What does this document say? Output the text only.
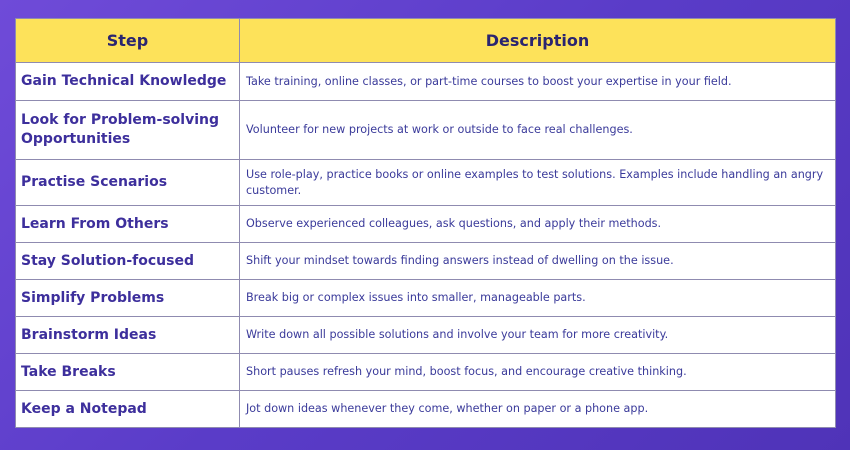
Step	Description
Gain Technical Knowledge	Take training, online classes, or part-time courses to boost your expertise in your field.
Look for Problem-solving Opportunities	Volunteer for new projects at work or outside to face real challenges.
Practise Scenarios	Use role-play, practice books or online examples to test solutions. Examples include handling an angry customer.
Learn From Others	Observe experienced colleagues, ask questions, and apply their methods.
Stay Solution-focused	Shift your mindset towards finding answers instead of dwelling on the issue.
Simplify Problems	Break big or complex issues into smaller, manageable parts.
Brainstorm Ideas	Write down all possible solutions and involve your team for more creativity.
Take Breaks	Short pauses refresh your mind, boost focus, and encourage creative thinking.
Keep a Notepad	Jot down ideas whenever they come, whether on paper or a phone app.
